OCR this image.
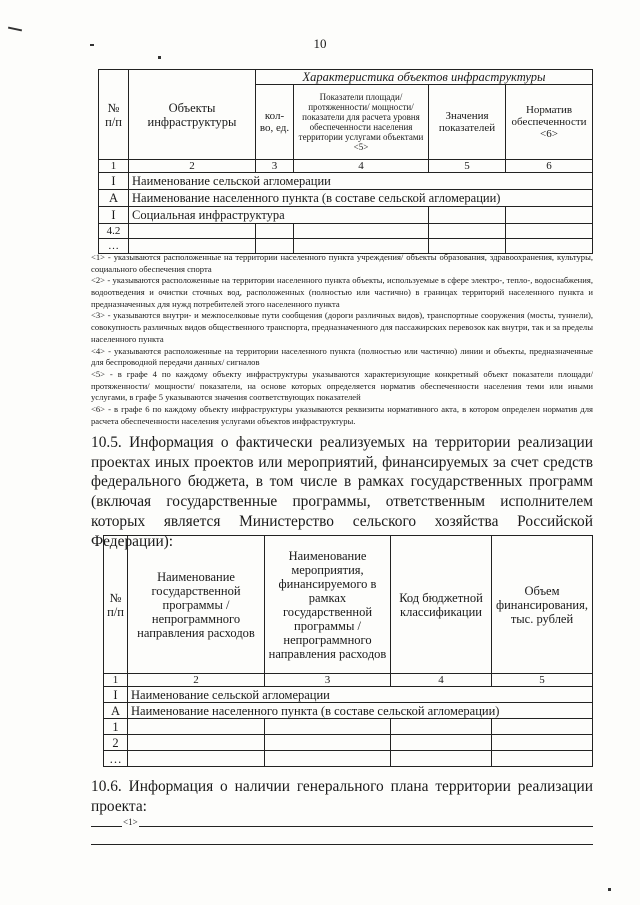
10
№ п/п	Объекты инфраструктуры	Характеристика объектов инфраструктуры			
		кол-во, ед.	Показатели площади/ протяженности/ мощности/ показатели для расчета уровня обеспеченности населения территории услугами объектами <5>	Значения показателей	Норматив обеспеченности <6>
1	2	3	4	5	6
I	Наименование сельской агломерации				
А	Наименование населенного пункта (в составе сельской агломерации)				
I	Социальная инфраструктура				
4.2					
…					

<1> - указываются расположенные на территории населенного пункта учреждения/ объекты образования, здравоохранения, культуры, социального обеспечения спорта

<2> - указываются расположенные на территории населенного пункта объекты, используемые в сфере электро-, тепло-, водоснабжения, водоотведения и очистки сточных вод, расположенных (полностью или частично) в границах территорий населенного пункта и предназначенных для нужд потребителей этого населенного пункта

<3> - указываются внутри- и межпоселковые пути сообщения (дороги различных видов), транспортные сооружения (мосты, туннели), совокупность различных видов общественного транспорта, предназначенного для пассажирских перевозок как внутри, так и за пределы населенного пункта

<4> - указываются расположенные на территории населенного пункта (полностью или частично) линии и объекты, предназначенные для беспроводной передачи данных/ сигналов

<5> - в графе 4 по каждому объекту инфраструктуры указываются характеризующие конкретный объект показатели площади/ протяженности/ мощности/ показатели, на основе которых определяется норматив обеспеченности населения теми или иными услугами, в графе 5 указываются значения соответствующих показателей

<6> - в графе 6 по каждому объекту инфраструктуры указываются реквизиты нормативного акта, в котором определен норматив для расчета обеспеченности населения услугами объектов инфраструктуры.

10.5. Информация о фактически реализуемых на территории реализации проектах иных проектов или мероприятий, финансируемых за счет средств федерального бюджета, в том числе в рамках государственных программ (включая государственные программы, ответственным исполнителем которых является Министерство сельского хозяйства Российской Федерации):
№ п/п	Наименование государственной программы / непрограммного направления расходов	Наименование мероприятия, финансируемого в рамках государственной программы / непрограммного направления расходов	Код бюджетной классификации	Объем финансирования, тыс. рублей
1	2	3	4	5
I	Наименование сельской агломерации			
А	Наименование населенного пункта (в составе сельской агломерации)			
1				
2				
…				
10.6. Информация о наличии генерального плана территории реализации проекта:
<1>
